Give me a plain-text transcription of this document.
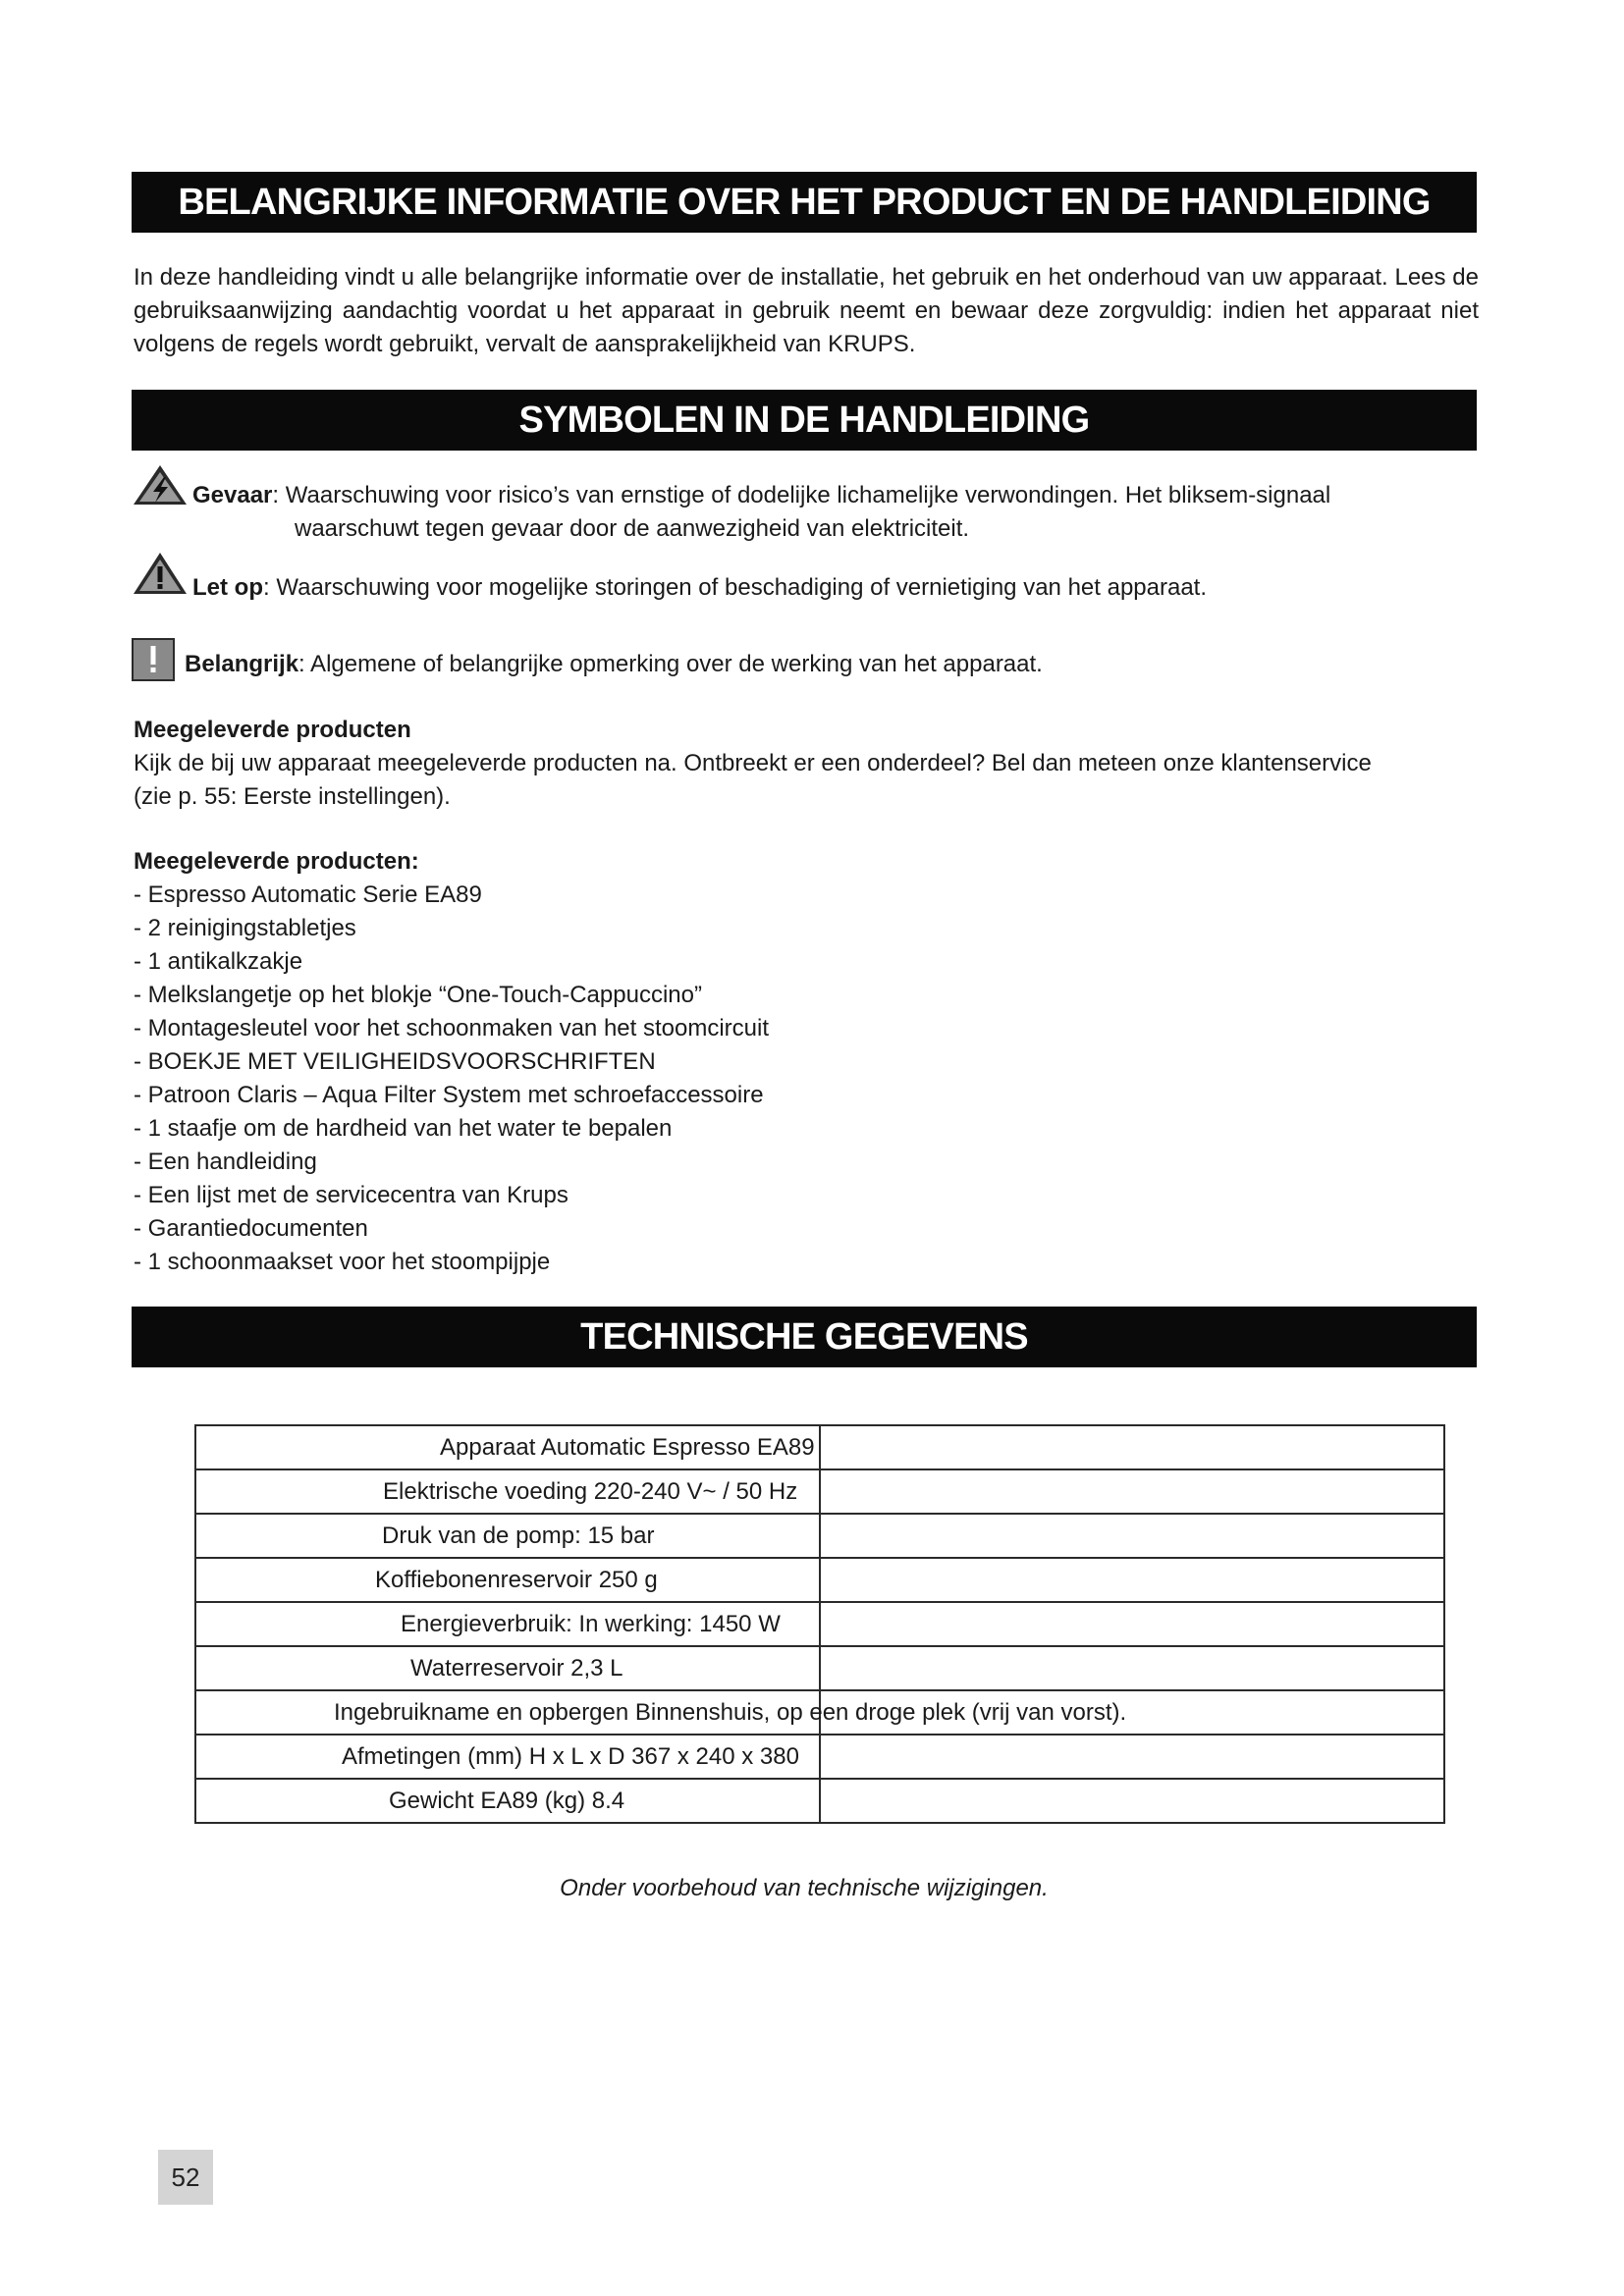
BELANGRIJKE INFORMATIE OVER HET PRODUCT EN DE HANDLEIDING
In deze handleiding vindt u alle belangrijke informatie over de installatie, het gebruik en het onderhoud van uw apparaat. Lees de gebruiksaanwijzing aandachtig voordat u het apparaat in gebruik neemt en bewaar deze zorgvuldig: indien het apparaat niet volgens de regels wordt gebruikt, vervalt de aansprakelijkheid van KRUPS.
SYMBOLEN IN DE HANDLEIDING
Gevaar: Waarschuwing voor risico’s van ernstige of dodelijke lichamelijke verwondingen. Het bliksem-signaal
waarschuwt tegen gevaar door de aanwezigheid van elektriciteit.
Let op: Waarschuwing voor mogelijke storingen of beschadiging of vernietiging van het apparaat.
Belangrijk: Algemene of belangrijke opmerking over de werking van het apparaat.
Meegeleverde producten
Kijk de bij uw apparaat meegeleverde producten na. Ontbreekt er een onderdeel? Bel dan meteen onze klantenservice
(zie p. 55: Eerste instellingen).
Meegeleverde producten:
- Espresso Automatic Serie EA89
- 2 reinigingstabletjes
- 1 antikalkzakje
- Melkslangetje op het blokje “One-Touch-Cappuccino”
- Montagesleutel voor het schoonmaken van het stoomcircuit
- BOEKJE MET VEILIGHEIDSVOORSCHRIFTEN
- Patroon Claris – Aqua Filter System met schroefaccessoire
- 1 staafje om de hardheid van het water te bepalen
- Een handleiding
- Een lijst met de servicecentra van Krups
- Garantiedocumenten
- 1 schoonmaakset voor het stoompijpje
TECHNISCHE GEGEVENS
Apparaat Automatic Espresso EA89	

Elektrische voeding 220-240 V~ / 50 Hz	

Druk van de pomp: 15 bar	

Koffiebonenreservoir 250 g	

Energieverbruik: In werking: 1450 W	

Waterreservoir 2,3 L	

Ingebruikname en opbergen Binnenshuis, op een droge plek (vrij van vorst).	

Afmetingen (mm) H x L x D 367 x 240 x 380	

Gewicht EA89 (kg) 8.4	

Onder voorbehoud van technische wijzigingen.
52
